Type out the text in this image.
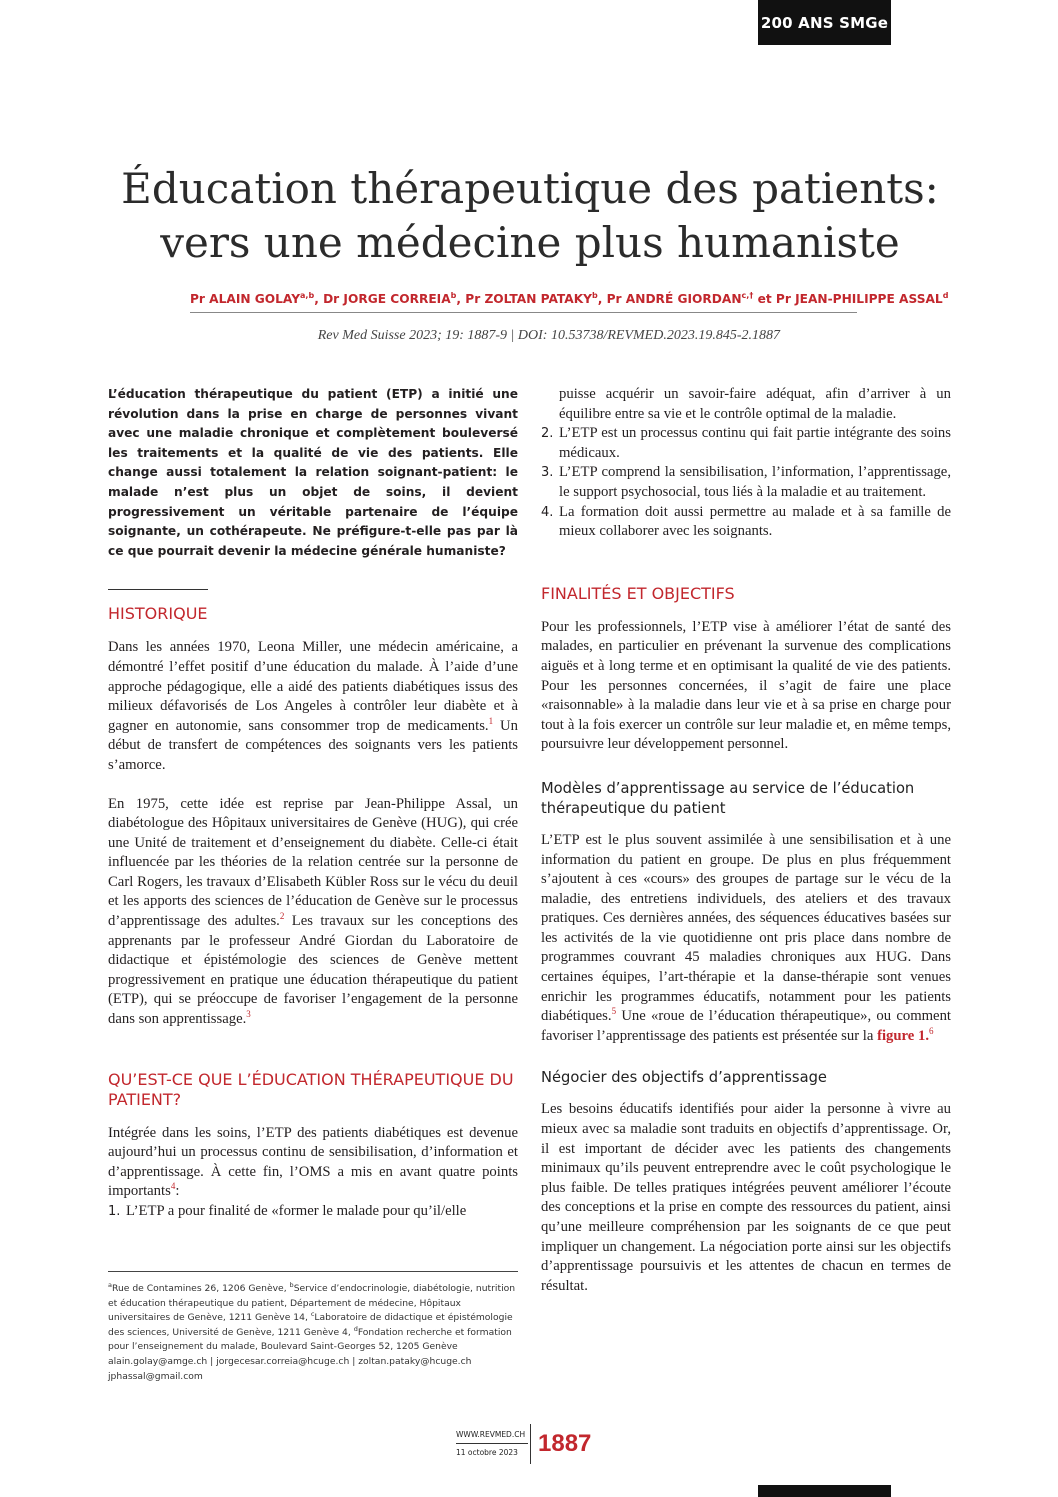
200 ANS SMGe
Éducation thérapeutique des patients:
vers une médecine plus humaniste
Pr ALAIN GOLAY$^{a,b}$, Dr JORGE CORREIA$^b$, Pr ZOLTAN PATAKY$^b$, Pr ANDRÉ $GIORDAN^{c,\dagger}$ et Pr JEAN-PHILIPPE ASSAL$^d$
Rev Med Suisse 2023; 19: 1887-9 | DOI: 10.53738/REVMED.2023.19.845-2.1887

L’éducation thérapeutique du patient (ETP) a initié une révolution dans la prise en charge de personnes vivant avec une maladie chronique et complètement bouleversé les traitements et la qualité de vie des patients. Elle change aussi totalement la relation soignant-patient: le malade n’est plus un objet de soins, il devient progressivement un véritable partenaire de l’équipe soignante, un cothérapeute. Ne préfigure-t-elle pas par là ce que pourrait devenir la médecine générale humaniste?

HISTORIQUE

Dans les années 1970, Leona Miller, une médecin américaine, a démontré l’effet positif d’une éducation du malade. À l’aide d’une approche pédagogique, elle a aidé des patients diabétiques issus des milieux défavorisés de Los Angeles à contrôler leur diabète et à gagner en autonomie, sans consommer trop de medicaments.$^1$ Un début de transfert de compétences des soignants vers les patients s’amorce.

En 1975, cette idée est reprise par Jean-Philippe Assal, un diabétologue des Hôpitaux universitaires de Genève (HUG), qui crée une Unité de traitement et d’enseignement du diabète. Celle-ci était influencée par les théories de la relation centrée sur la personne de Carl Rogers, les travaux d’Elisabeth Kübler Ross sur le vécu du deuil et les apports des sciences de l’éducation de Genève sur le processus d’apprentissage des adultes.$^2$ Les travaux sur les conceptions des apprenants par le professeur André Giordan du Laboratoire de didactique et épistémologie des sciences de Genève mettent progressivement en pratique une éducation thérapeutique du patient (ETP), qui se préoccupe de favoriser l’engagement de la personne dans son apprentissage.$^3$

QU’EST-CE QUE L’ÉDUCATION THÉRAPEUTIQUE DU PATIENT?

Intégrée dans les soins, l’ETP des patients diabétiques est devenue aujourd’hui un processus continu de sensibilisation, d’information et d’apprentissage. À cette fin, l’OMS a mis en avant quatre points importants$^4$:

1. L’ETP a pour finalité de «former le malade pour qu’il/elle
puisse acquérir un savoir-faire adéquat, afin d’arriver à un équilibre entre sa vie et le contrôle optimal de la maladie.
2. L’ETP est un processus continu qui fait partie intégrante des soins médicaux.
3. L’ETP comprend la sensibilisation, l’information, l’apprentissage, le support psychosocial, tous liés à la maladie et au traitement.
4. La formation doit aussi permettre au malade et à sa famille de mieux collaborer avec les soignants.
FINALITÉS ET OBJECTIFS

Pour les professionnels, l’ETP vise à améliorer l’état de santé des malades, en particulier en prévenant la survenue des complications aiguës et à long terme et en optimisant la qualité de vie des patients. Pour les personnes concernées, il s’agit de faire une place «raisonnable» à la maladie dans leur vie et à sa prise en charge pour tout à la fois exercer un contrôle sur leur maladie et, en même temps, poursuivre leur développement personnel.

Modèles d’apprentissage au service de l’éducation thérapeutique du patient

L’ETP est le plus souvent assimilée à une sensibilisation et à une information du patient en groupe. De plus en plus fréquemment s’ajoutent à ces «cours» des groupes de partage sur le vécu de la maladie, des entretiens individuels, des ateliers et des travaux pratiques. Ces dernières années, des séquences éducatives basées sur les activités de la vie quotidienne ont pris place dans nombre de programmes couvrant 45 maladies chroniques aux HUG. Dans certaines équipes, l’art-thérapie et la danse-thérapie sont venues enrichir les programmes éducatifs, notamment pour les patients diabétiques.$^5$ Une «roue de l’éducation thérapeutique», ou comment favoriser l’apprentissage des patients est présentée sur la figure 1.$^6$

Négocier des objectifs d’apprentissage

Les besoins éducatifs identifiés pour aider la personne à vivre au mieux avec sa maladie sont traduits en objectifs d’apprentissage. Or, il est important de décider avec les patients des changements minimaux qu’ils peuvent entreprendre avec le coût psychologique le plus faible. De telles pratiques intégrées peuvent améliorer l’écoute des conceptions et la prise en compte des ressources du patient, ainsi qu’une meilleure compréhension par les soignants de ce que peut impliquer un changement. La négociation porte ainsi sur les objectifs d’apprentissage poursuivis et les attentes de chacun en termes de résultat.

$^a$Rue de Contamines 26, 1206 Genève, $^b$Service d’endocrinologie, diabétologie, nutrition et éducation thérapeutique du patient, Département de médecine, Hôpitaux universitaires de Genève, 1211 Genève 14, $^c$Laboratoire de didactique et épistémologie des sciences, Université de Genève, 1211 Genève 4, $^d$Fondation recherche et formation pour l’enseignement du malade, Boulevard Saint-Georges 52, 1205 Genève
alain.golay@amge.ch | jorgecesar.correia@hcuge.ch | zoltan.pataky@hcuge.ch
jphassal@gmail.com
WWW.REVMED.CH
11 octobre 2023 1887
